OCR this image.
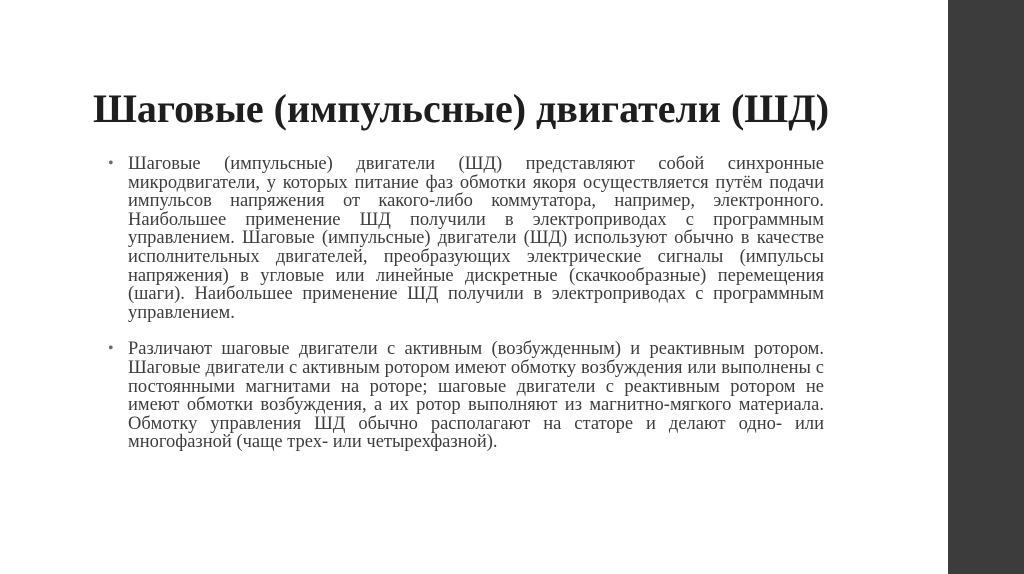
Шаговые (импульсные) двигатели (ШД)
• Шаговые (импульсные) двигатели (ШД) представляют собой синхронные микродвигатели, у которых питание фаз обмотки якоря осуществляется путём подачи импульсов напряжения от какого-либо коммутатора, например, электронного. Наибольшее применение ШД получили в электроприводах с программным управлением. Шаговые (импульсные) двигатели (ШД) используют обычно в качестве исполнительных двигателей, преобразующих электрические сигналы (импульсы напряжения) в угловые или линейные дискретные (скачкообразные) перемещения (шаги). Наибольшее применение ШД получили в электроприводах с программным управлением.
• Различают шаговые двигатели с активным (возбужденным) и реактивным ротором. Шаговые двигатели с активным ротором имеют обмотку возбуждения или выполнены с постоянными магнитами на роторе; шаговые двигатели с реактивным ротором не имеют обмотки возбуждения, а их ротор выполняют из магнитно-мягкого материала. Обмотку управления ШД обычно располагают на статоре и делают одно- или многофазной (чаще трех- или четырехфазной).
